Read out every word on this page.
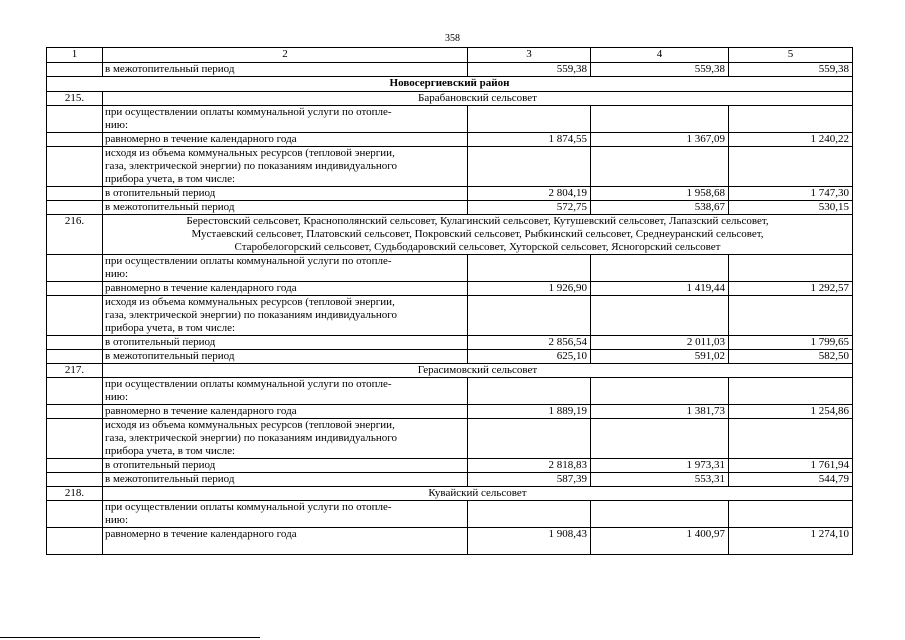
358
1	2	3	4	5
	в межотопительный период	559,38	559,38	559,38
Новосергиевский район				
215.	Барабановский сельсовет			
	при осуществлении оплаты коммунальной услуги по отопле-
нию:			
	равномерно в течение календарного года	1 874,55	1 367,09	1 240,22
	исходя из объема коммунальных ресурсов (тепловой энергии,
газа, электрической энергии) по показаниям индивидуального
прибора учета, в том числе:			
	в отопительный период	2 804,19	1 958,68	1 747,30
	в межотопительный период	572,75	538,67	530,15
216.	Берестовский сельсовет, Краснополянский сельсовет, Кулагинский сельсовет, Кутушевский сельсовет, Лапазский сельсовет,
Мустаевский сельсовет, Платовский сельсовет, Покровский сельсовет, Рыбкинский сельсовет, Среднеуранский сельсовет,
Старобелогорский сельсовет, Судьбодаровский сельсовет, Хуторской сельсовет, Ясногорский сельсовет			
	при осуществлении оплаты коммунальной услуги по отопле-
нию:			
	равномерно в течение календарного года	1 926,90	1 419,44	1 292,57
	исходя из объема коммунальных ресурсов (тепловой энергии,
газа, электрической энергии) по показаниям индивидуального
прибора учета, в том числе:			
	в отопительный период	2 856,54	2 011,03	1 799,65
	в межотопительный период	625,10	591,02	582,50
217.	Герасимовский сельсовет			
	при осуществлении оплаты коммунальной услуги по отопле-
нию:			
	равномерно в течение календарного года	1 889,19	1 381,73	1 254,86
	исходя из объема коммунальных ресурсов (тепловой энергии,
газа, электрической энергии) по показаниям индивидуального
прибора учета, в том числе:			
	в отопительный период	2 818,83	1 973,31	1 761,94
	в межотопительный период	587,39	553,31	544,79
218.	Кувайский сельсовет			
	при осуществлении оплаты коммунальной услуги по отопле-
нию:			
	равномерно в течение календарного года	1 908,43	1 400,97	1 274,10
